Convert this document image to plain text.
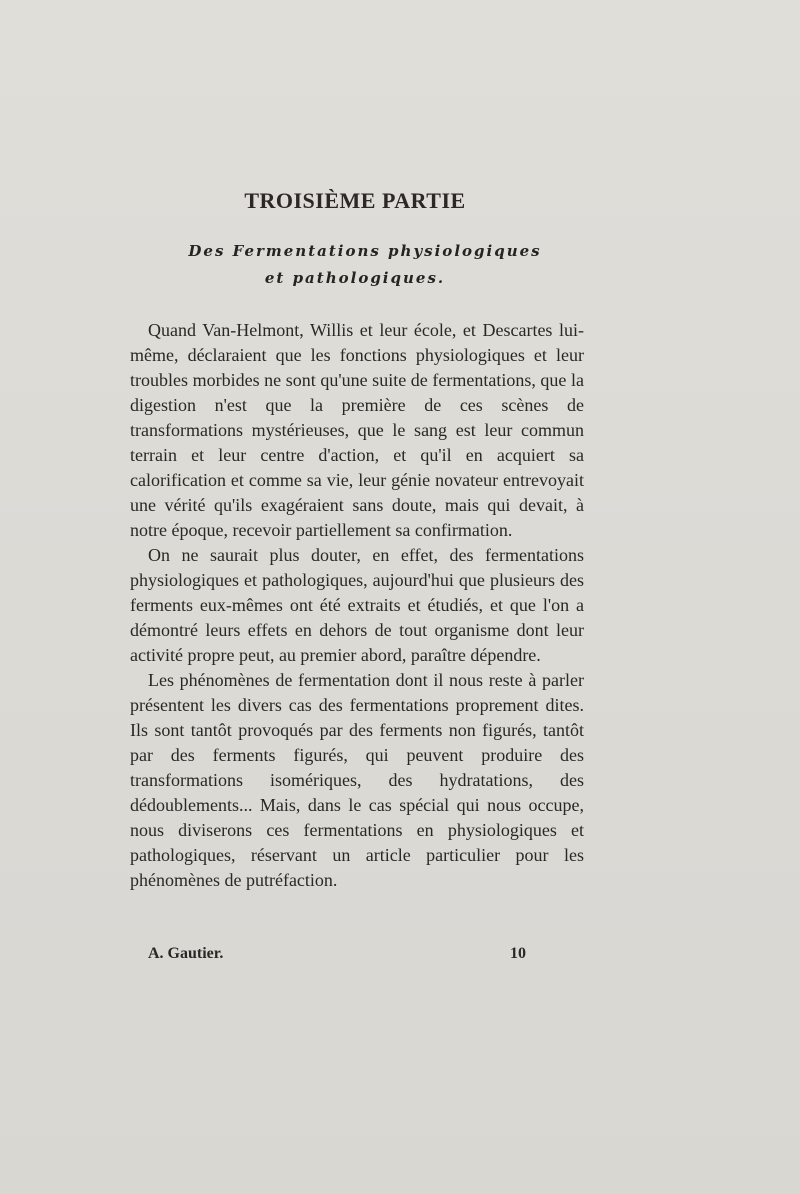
TROISIÈME PARTIE
Des Fermentations physiologiques
et pathologiques.

Quand Van-Helmont, Willis et leur école, et Descartes lui-même, déclaraient que les fonctions physiologiques et leur troubles morbides ne sont qu'une suite de fermentations, que la digestion n'est que la première de ces scènes de transformations mystérieuses, que le sang est leur commun terrain et leur centre d'action, et qu'il en acquiert sa calorification et comme sa vie, leur génie novateur entrevoyait une vérité qu'ils exagéraient sans doute, mais qui devait, à notre époque, recevoir partiellement sa confirmation.

On ne saurait plus douter, en effet, des fermentations physiologiques et pathologiques, aujourd'hui que plusieurs des ferments eux-mêmes ont été extraits et étudiés, et que l'on a démontré leurs effets en dehors de tout organisme dont leur activité propre peut, au premier abord, paraître dépendre.

Les phénomènes de fermentation dont il nous reste à parler présentent les divers cas des fermentations proprement dites. Ils sont tantôt provoqués par des ferments non figurés, tantôt par des ferments figurés, qui peuvent produire des transformations isomériques, des hydratations, des dédoublements... Mais, dans le cas spécial qui nous occupe, nous diviserons ces fermentations en physiologiques et pathologiques, réservant un article particulier pour les phénomènes de putréfaction.

A. Gautier.	10
